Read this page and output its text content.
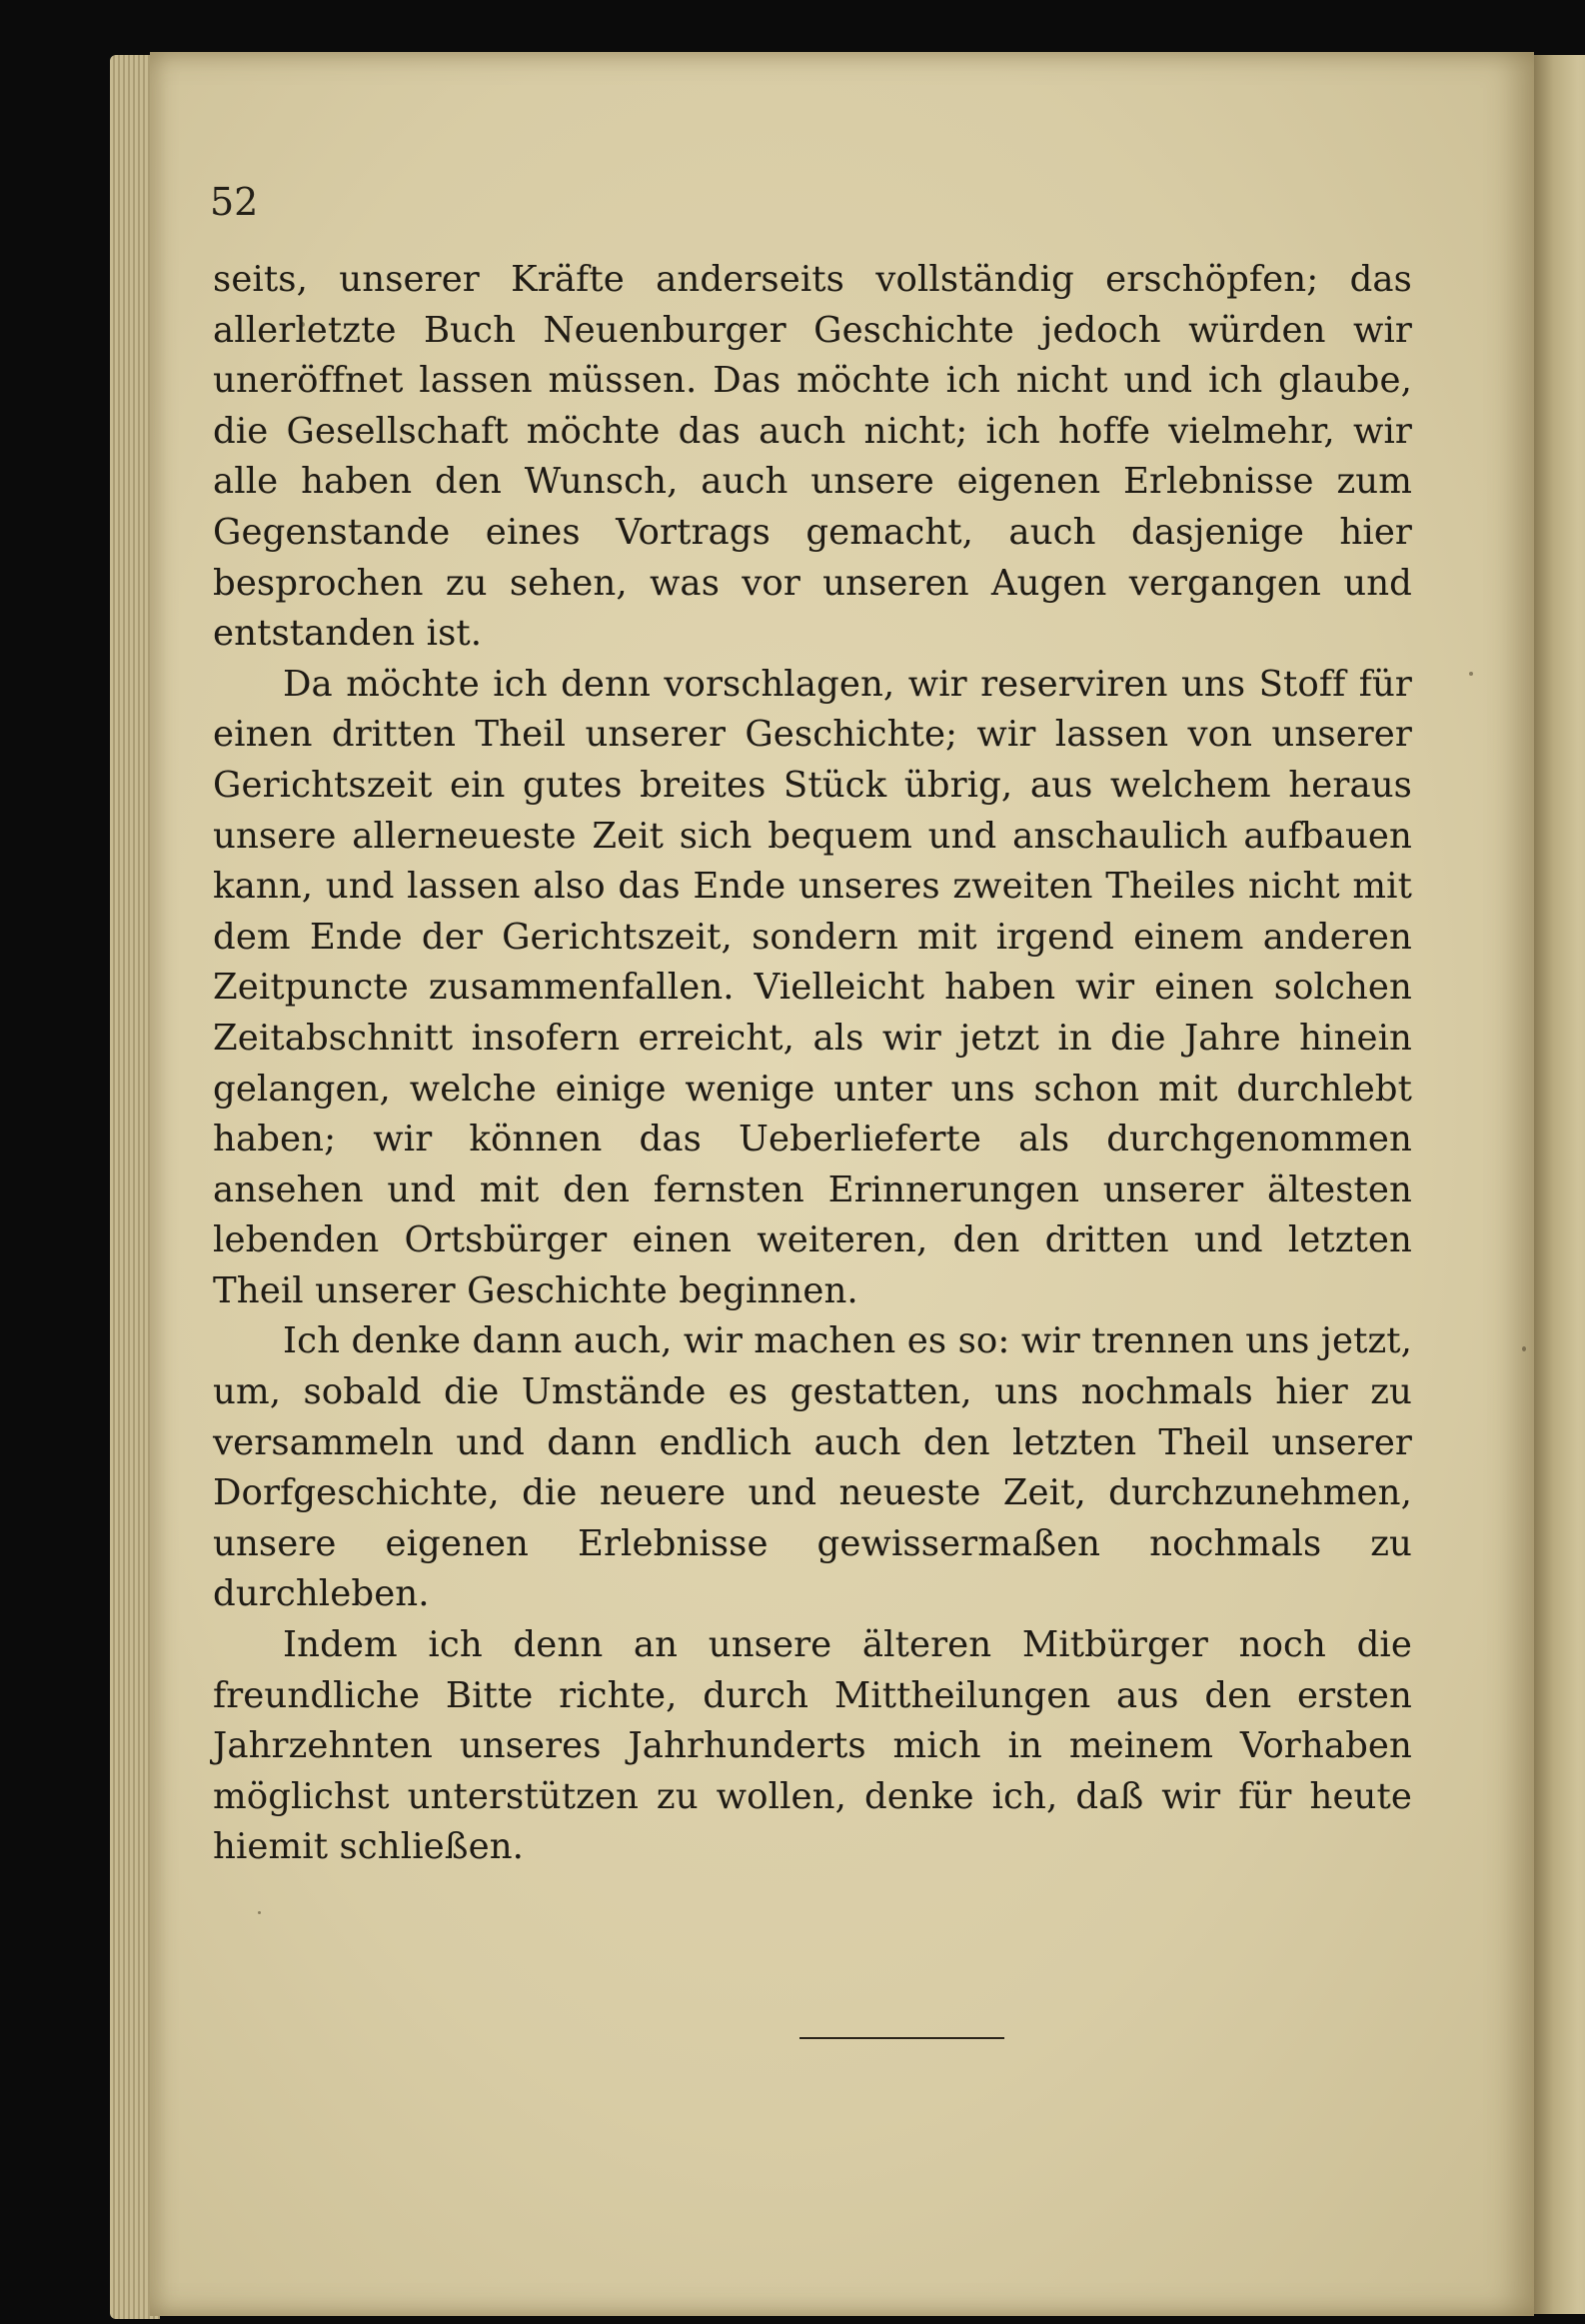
52

seits, unserer Kräfte anderseits vollständig erschöpfen; das allerletzte Buch Neuenburger Geschichte jedoch würden wir uneröffnet lassen müssen. Das möchte ich nicht und ich glaube, die Gesellschaft möchte das auch nicht; ich hoffe vielmehr, wir alle haben den Wunsch, auch unsere eigenen Erlebnisse zum Gegenstande eines Vortrags gemacht, auch dasjenige hier besprochen zu sehen, was vor unseren Augen vergangen und entstanden ist.

Da möchte ich denn vorschlagen, wir reserviren uns Stoff für einen dritten Theil unserer Geschichte; wir lassen von unserer Gerichtszeit ein gutes breites Stück übrig, aus welchem heraus unsere allerneueste Zeit sich bequem und anschaulich aufbauen kann, und lassen also das Ende unseres zweiten Theiles nicht mit dem Ende der Gerichtszeit, sondern mit irgend einem anderen Zeitpuncte zusammenfallen. Vielleicht haben wir einen solchen Zeitabschnitt insofern erreicht, als wir jetzt in die Jahre hinein gelangen, welche einige wenige unter uns schon mit durchlebt haben; wir können das Ueberlieferte als durchgenommen ansehen und mit den fernsten Erinnerungen unserer ältesten lebenden Ortsbürger einen weiteren, den dritten und letzten Theil unserer Geschichte beginnen.

Ich denke dann auch, wir machen es so: wir trennen uns jetzt, um, sobald die Umstände es gestatten, uns nochmals hier zu versammeln und dann endlich auch den letzten Theil unserer Dorfgeschichte, die neuere und neueste Zeit, durchzunehmen, unsere eigenen Erlebnisse gewissermaßen nochmals zu durchleben.

Indem ich denn an unsere älteren Mitbürger noch die freundliche Bitte richte, durch Mittheilungen aus den ersten Jahrzehnten unseres Jahrhunderts mich in meinem Vorhaben möglichst unterstützen zu wollen, denke ich, daß wir für heute hiemit schließen.
